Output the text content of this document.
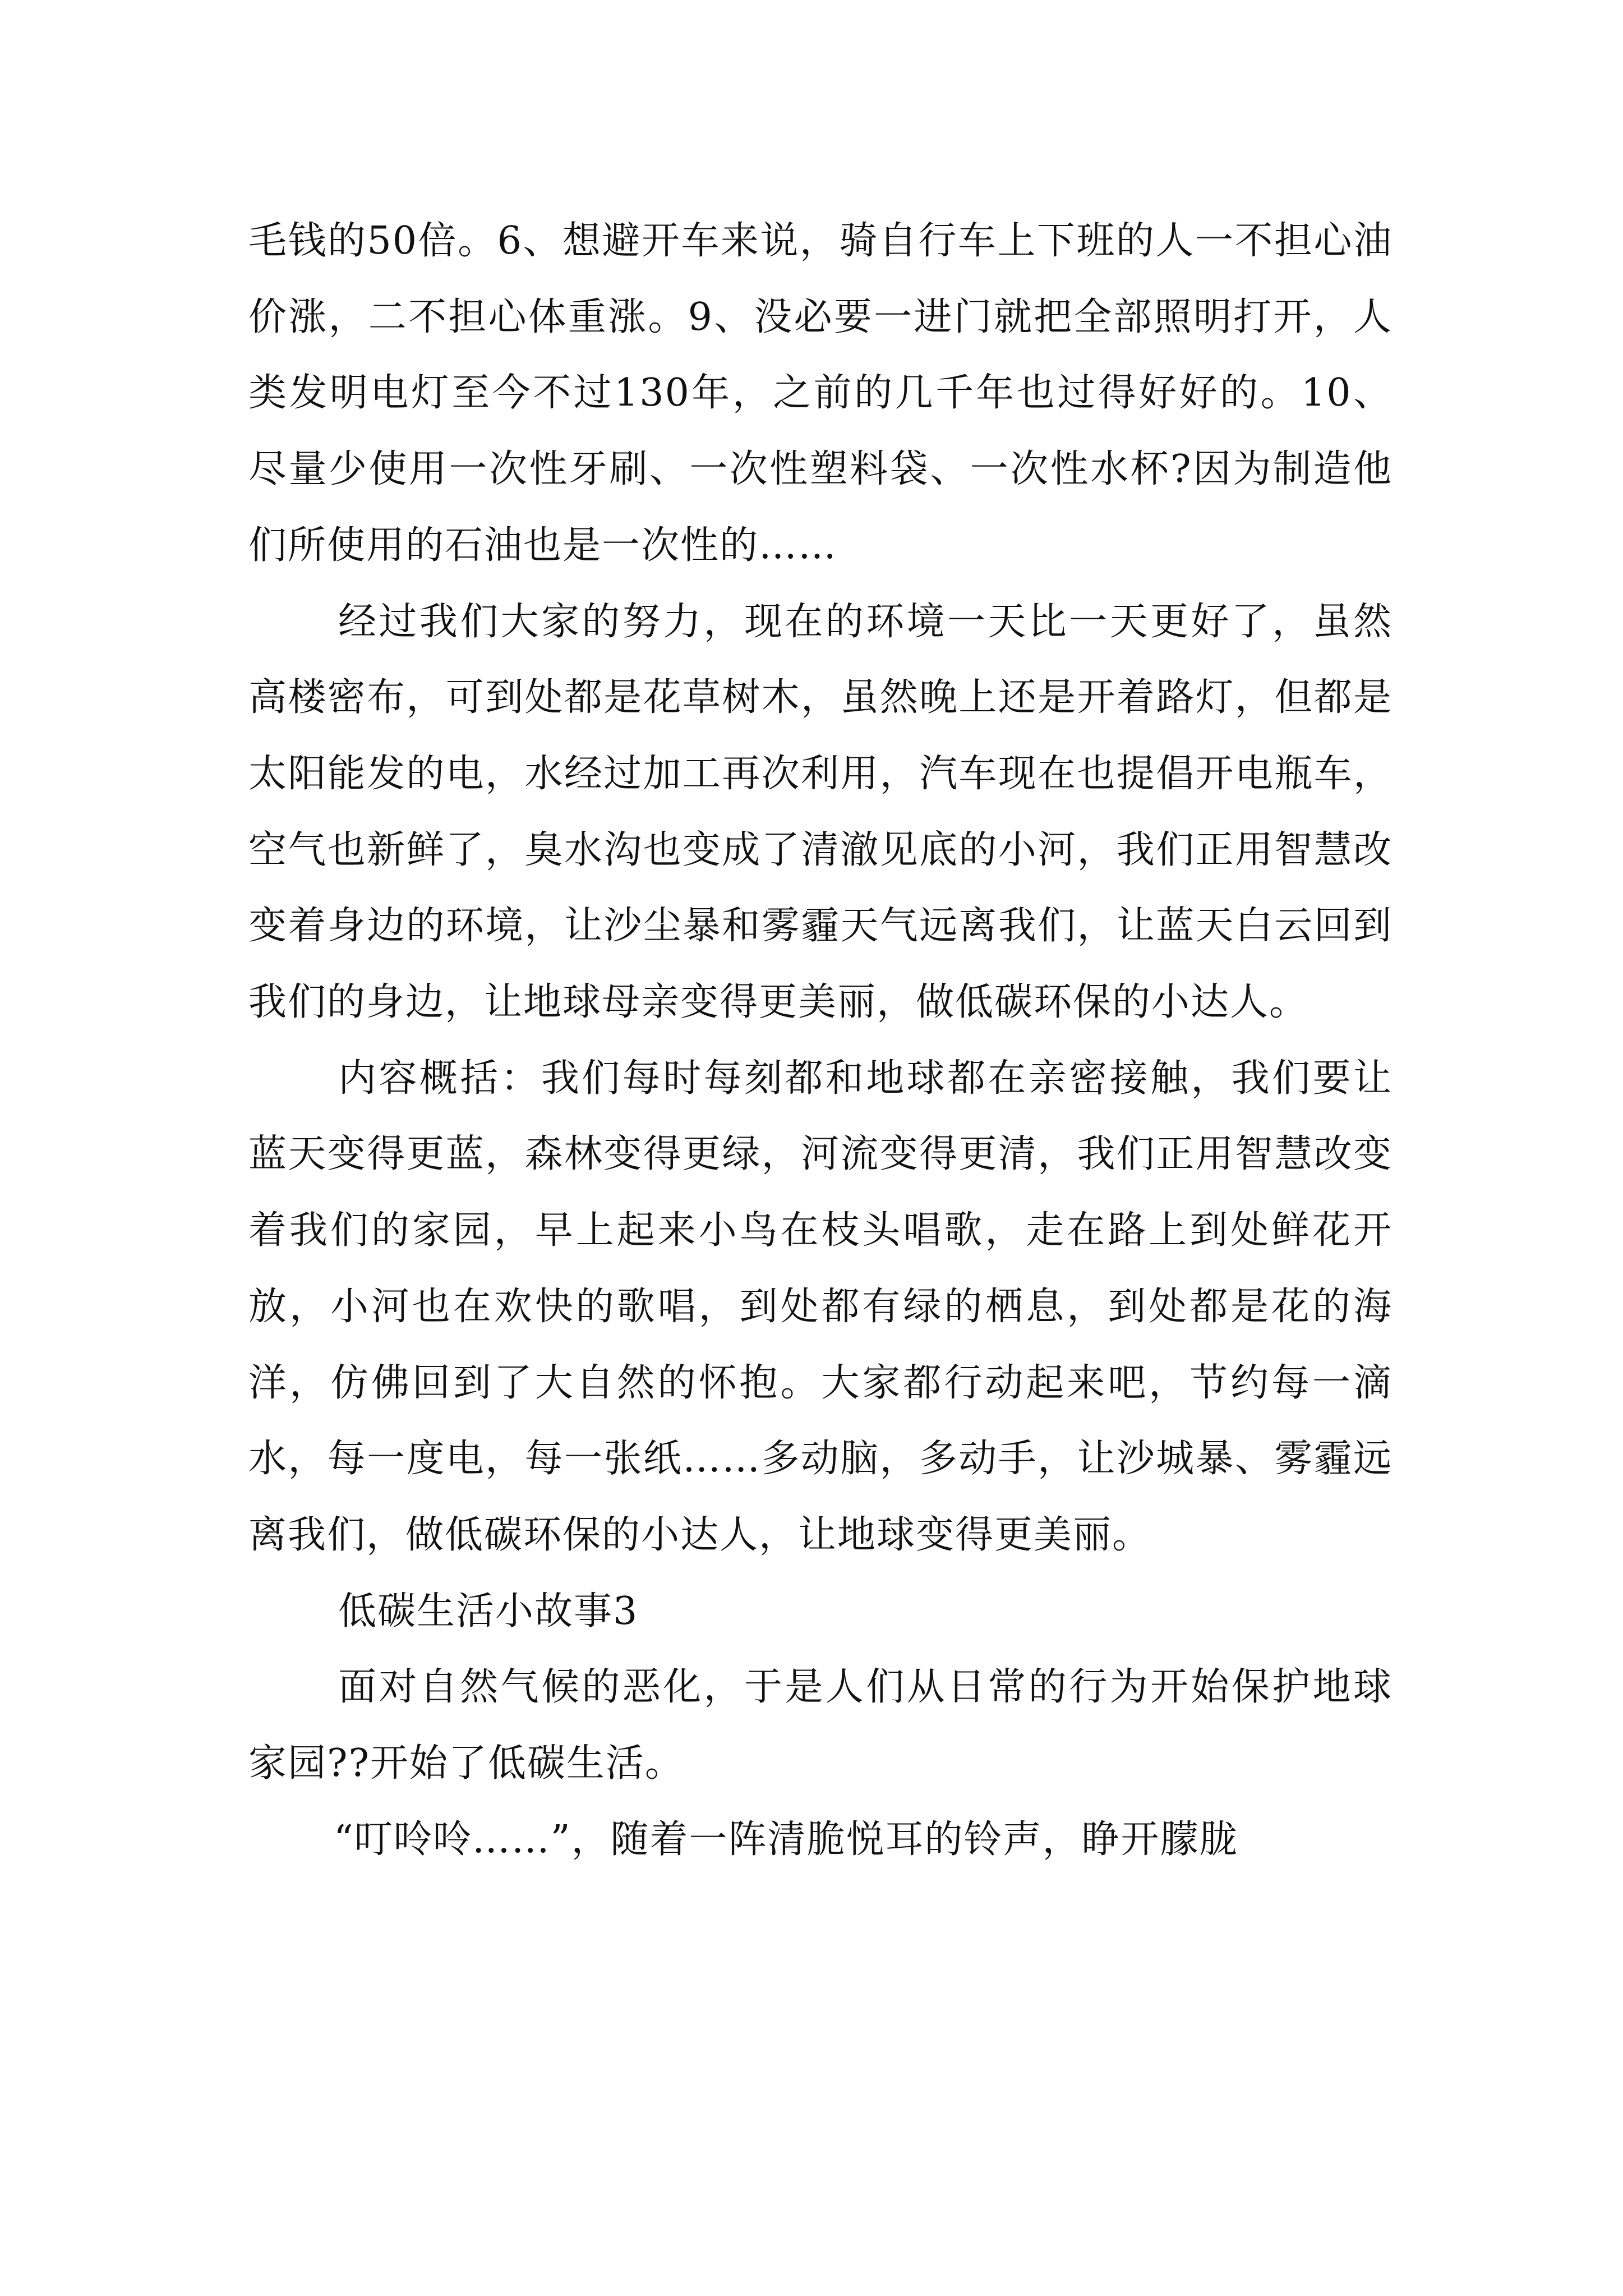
毛钱的50倍。6、想避开车来说，骑自行车上下班的人一不担心油价涨，二不担心体重涨。9、没必要一进门就把全部照明打开，人类发明电灯至今不过130年，之前的几千年也过得好好的。10、尽量少使用一次性牙刷、一次性塑料袋、一次性水杯?因为制造他们所使用的石油也是一次性的……

经过我们大家的努力，现在的环境一天比一天更好了，虽然高楼密布，可到处都是花草树木，虽然晚上还是开着路灯，但都是太阳能发的电，水经过加工再次利用，汽车现在也提倡开电瓶车，空气也新鲜了，臭水沟也变成了清澈见底的小河，我们正用智慧改变着身边的环境，让沙尘暴和雾霾天气远离我们，让蓝天白云回到我们的身边，让地球母亲变得更美丽，做低碳环保的小达人。

内容概括：我们每时每刻都和地球都在亲密接触，我们要让蓝天变得更蓝，森林变得更绿，河流变得更清，我们正用智慧改变着我们的家园，早上起来小鸟在枝头唱歌，走在路上到处鲜花开放，小河也在欢快的歌唱，到处都有绿的栖息，到处都是花的海洋，仿佛回到了大自然的怀抱。大家都行动起来吧，节约每一滴水，每一度电，每一张纸……多动脑，多动手，让沙城暴、雾霾远离我们，做低碳环保的小达人，让地球变得更美丽。

低碳生活小故事3

面对自然气候的恶化，于是人们从日常的行为开始保护地球家园??开始了低碳生活。

“叮呤呤……”，随着一阵清脆悦耳的铃声，睁开朦胧
